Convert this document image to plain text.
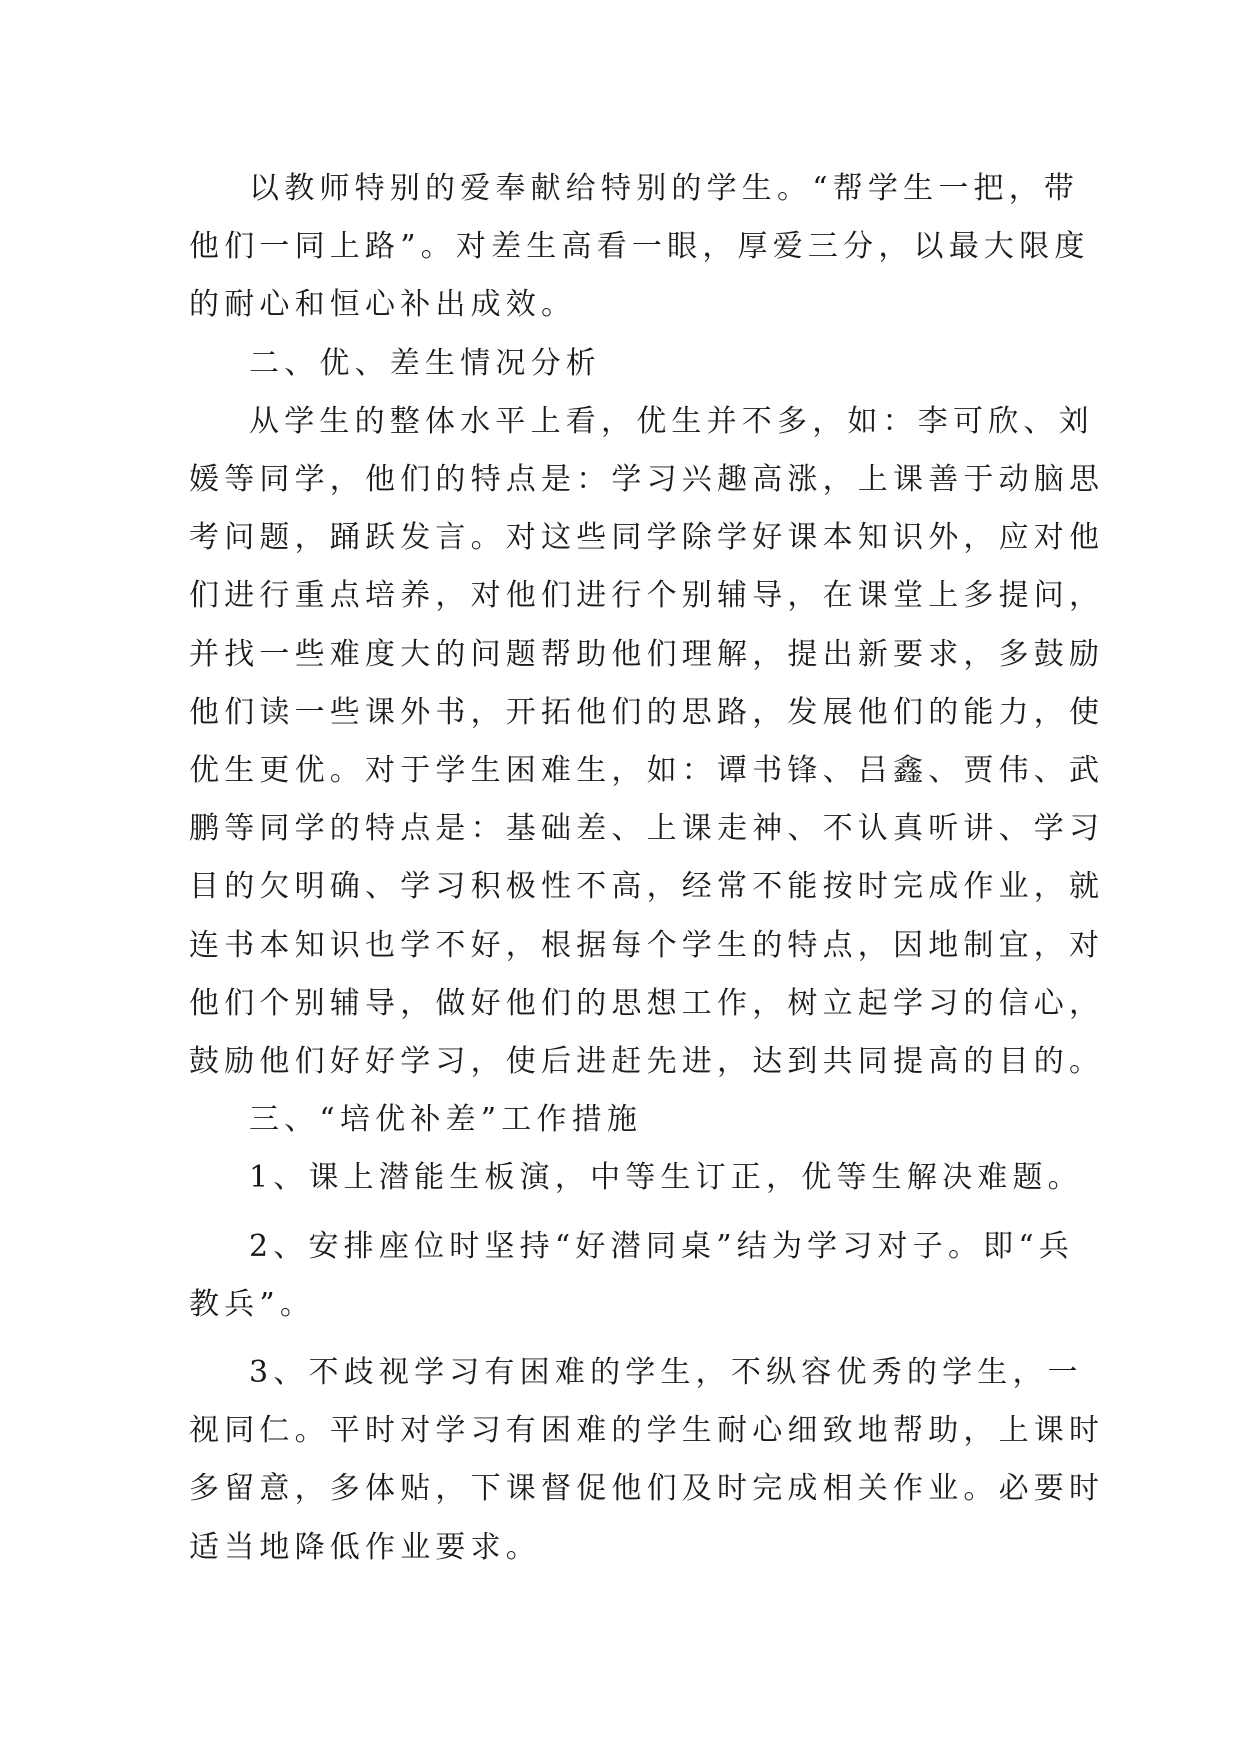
以教师特别的爱奉献给特别的学生。“帮学生一把，带
他们一同上路”。对差生高看一眼，厚爱三分，以最大限度
的耐心和恒心补出成效。
二、优、差生情况分析
从学生的整体水平上看，优生并不多，如：李可欣、刘
媛等同学，他们的特点是：学习兴趣高涨，上课善于动脑思
考问题，踊跃发言。对这些同学除学好课本知识外，应对他
们进行重点培养，对他们进行个别辅导，在课堂上多提问，
并找一些难度大的问题帮助他们理解，提出新要求，多鼓励
他们读一些课外书，开拓他们的思路，发展他们的能力，使
优生更优。对于学生困难生，如：谭书锋、吕鑫、贾伟、武
鹏等同学的特点是：基础差、上课走神、不认真听讲、学习
目的欠明确、学习积极性不高，经常不能按时完成作业，就
连书本知识也学不好，根据每个学生的特点，因地制宜，对
他们个别辅导，做好他们的思想工作，树立起学习的信心，
鼓励他们好好学习，使后进赶先进，达到共同提高的目的。
三、“培优补差”工作措施
1、课上潜能生板演，中等生订正，优等生解决难题。
2、安排座位时坚持“好潜同桌”结为学习对子。即“兵
教兵”。
3、不歧视学习有困难的学生，不纵容优秀的学生，一
视同仁。平时对学习有困难的学生耐心细致地帮助，上课时
多留意，多体贴，下课督促他们及时完成相关作业。必要时
适当地降低作业要求。
